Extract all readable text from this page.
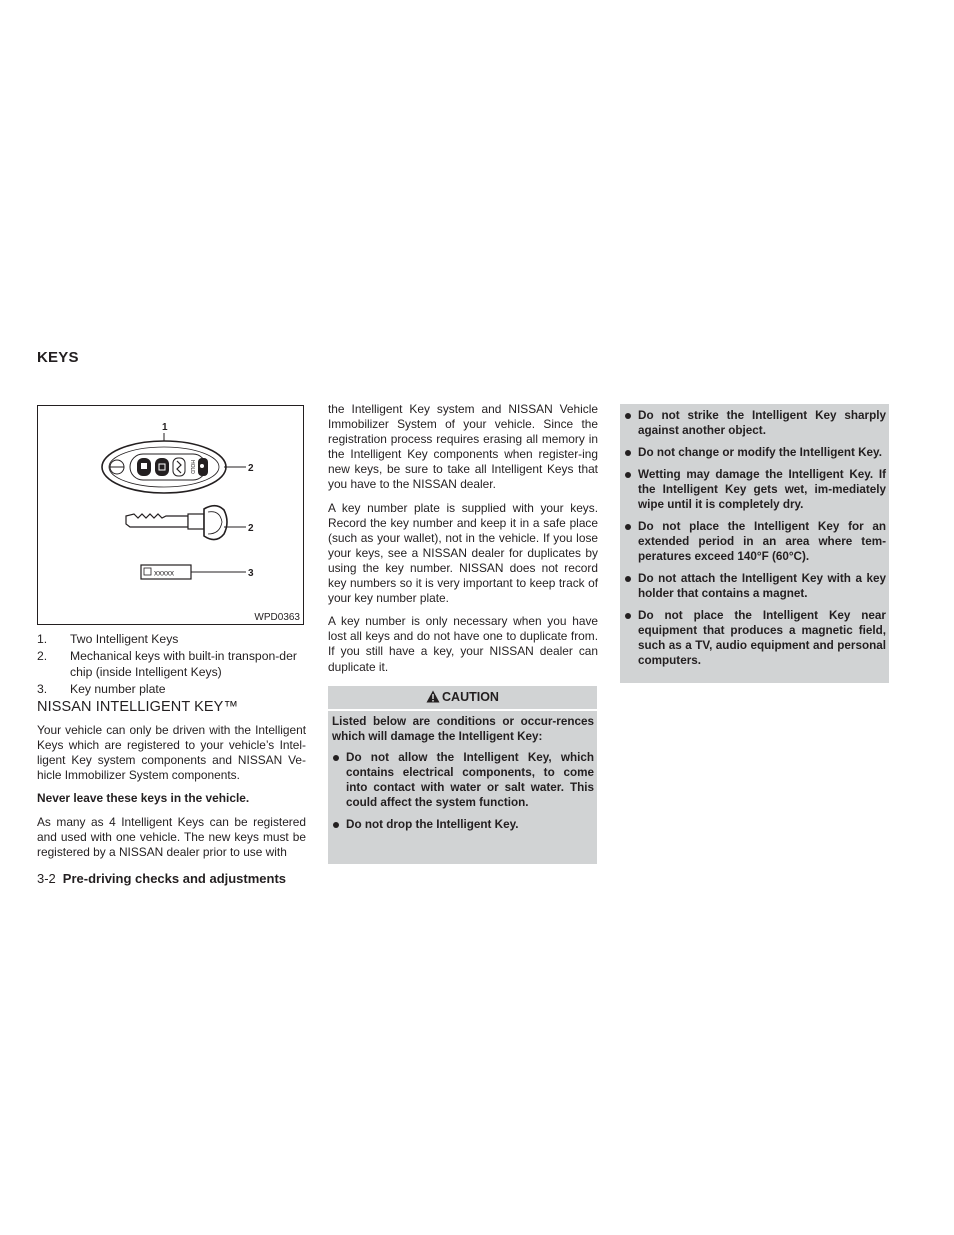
KEYS
1
HOLD	2
2
xxxxx	3
WPD0363
1. Two Intelligent Keys
2. Mechanical keys with built-in transpon-der chip (inside Intelligent Keys)
3. Key number plate
NISSAN INTELLIGENT KEY™

Your vehicle can only be driven with the Intelligent Keys which are registered to your vehicle’s Intel-ligent Key system components and NISSAN Ve-hicle Immobilizer System components.

Never leave these keys in the vehicle.

As many as 4 Intelligent Keys can be registered and used with one vehicle. The new keys must be registered by a NISSAN dealer prior to use with

3-2 Pre-driving checks and adjustments

the Intelligent Key system and NISSAN Vehicle Immobilizer System of your vehicle. Since the registration process requires erasing all memory in the Intelligent Key components when register-ing new keys, be sure to take all Intelligent Keys that you have to the NISSAN dealer.

A key number plate is supplied with your keys. Record the key number and keep it in a safe place (such as your wallet), not in the vehicle. If you lose your keys, see a NISSAN dealer for duplicates by using the key number. NISSAN does not record key numbers so it is very important to keep track of your key number plate.

A key number is only necessary when you have lost all keys and do not have one to duplicate from. If you still have a key, your NISSAN dealer can duplicate it.

CAUTION

Listed below are conditions or occur-rences which will damage the Intelligent Key:

Do not allow the Intelligent Key, which contains electrical components, to come into contact with water or salt water. This could affect the system function.
Do not drop the Intelligent Key.
Do not strike the Intelligent Key sharply against another object.
Do not change or modify the Intelligent Key.
Wetting may damage the Intelligent Key. If the Intelligent Key gets wet, im-mediately wipe until it is completely dry.
Do not place the Intelligent Key for an extended period in an area where tem-peratures exceed 140°F (60°C).
Do not attach the Intelligent Key with a key holder that contains a magnet.
Do not place the Intelligent Key near equipment that produces a magnetic field, such as a TV, audio equipment and personal computers.
